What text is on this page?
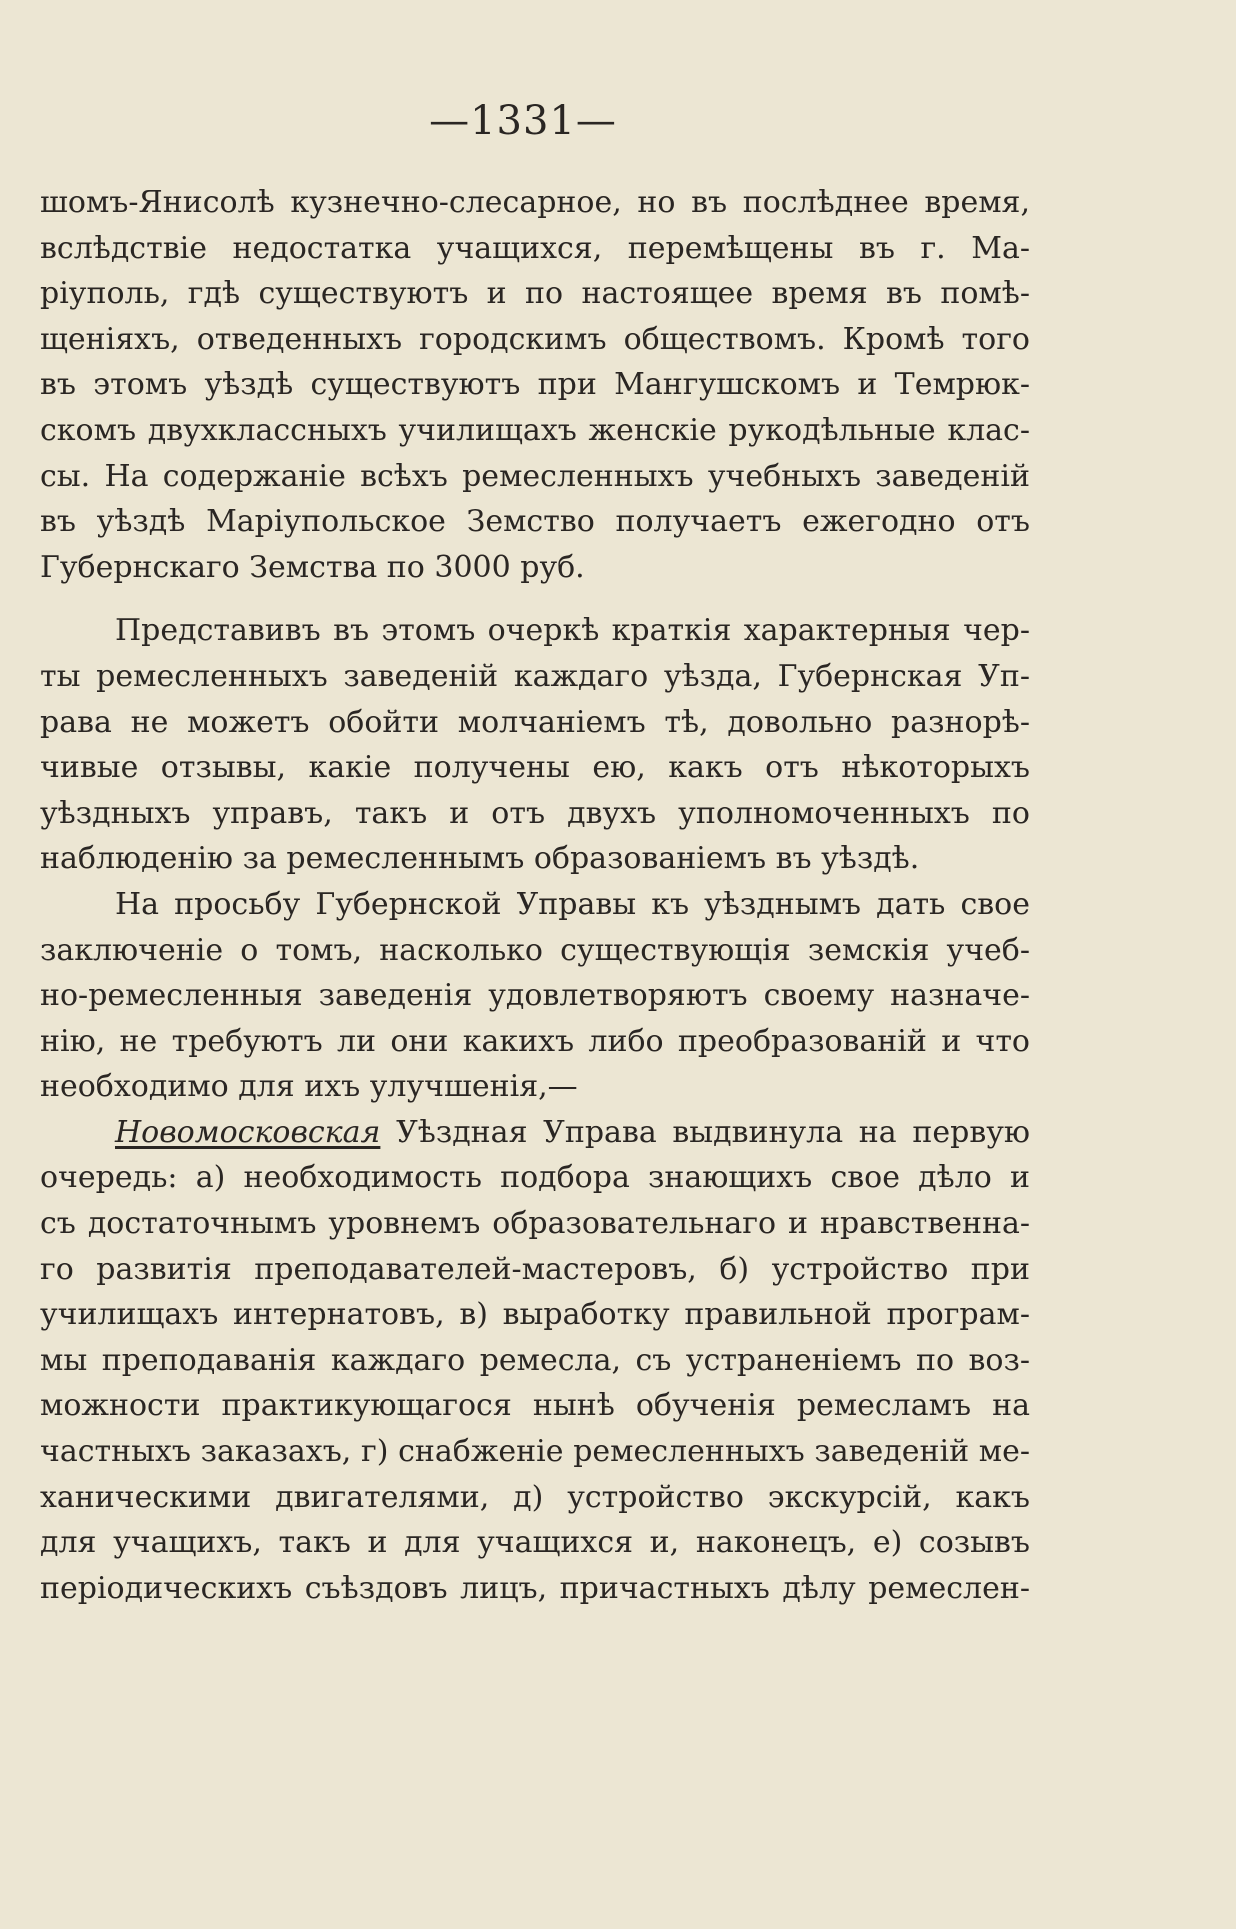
—1331—
шомъ-Янисолѣ кузнечно-слесарное, но въ послѣднее время,
вслѣдствіе недостатка учащихся, перемѣщены въ г. Ма-
ріуполь, гдѣ существуютъ и по настоящее время въ помѣ-
щеніяхъ, отведенныхъ городскимъ обществомъ. Кромѣ того
въ этомъ уѣздѣ существуютъ при Мангушскомъ и Темрюк-
скомъ двухклассныхъ училищахъ женскіе рукодѣльные клас-
сы. На содержаніе всѣхъ ремесленныхъ учебныхъ заведеній
въ уѣздѣ Маріупольское Земство получаетъ ежегодно отъ
Губернскаго Земства по 3000 руб.
Представивъ въ этомъ очеркѣ краткія характерныя чер-
ты ремесленныхъ заведеній каждаго уѣзда, Губернская Уп-
рава не можетъ обойти молчаніемъ тѣ, довольно разнорѣ-
чивые отзывы, какіе получены ею, какъ отъ нѣкоторыхъ
уѣздныхъ управъ, такъ и отъ двухъ уполномоченныхъ по
наблюденію за ремесленнымъ образованіемъ въ уѣздѣ.
На просьбу Губернской Управы къ уѣзднымъ дать свое
заключеніе о томъ, насколько существующія земскія учеб-
но-ремесленныя заведенія удовлетворяютъ своему назначе-
нію, не требуютъ ли они какихъ либо преобразованій и что
необходимо для ихъ улучшенія,—
Новомосковская Уѣздная Управа выдвинула на первую
очередь: а) необходимость подбора знающихъ свое дѣло и
съ достаточнымъ уровнемъ образовательнаго и нравственна-
го развитія преподавателей-мастеровъ, б) устройство при
училищахъ интернатовъ, в) выработку правильной програм-
мы преподаванія каждаго ремесла, съ устраненіемъ по воз-
можности практикующагося нынѣ обученія ремесламъ на
частныхъ заказахъ, г) снабженіе ремесленныхъ заведеній ме-
ханическими двигателями, д) устройство экскурсій, какъ
для учащихъ, такъ и для учащихся и, наконецъ, е) созывъ
періодическихъ съѣздовъ лицъ, причастныхъ дѣлу ремеслен-
